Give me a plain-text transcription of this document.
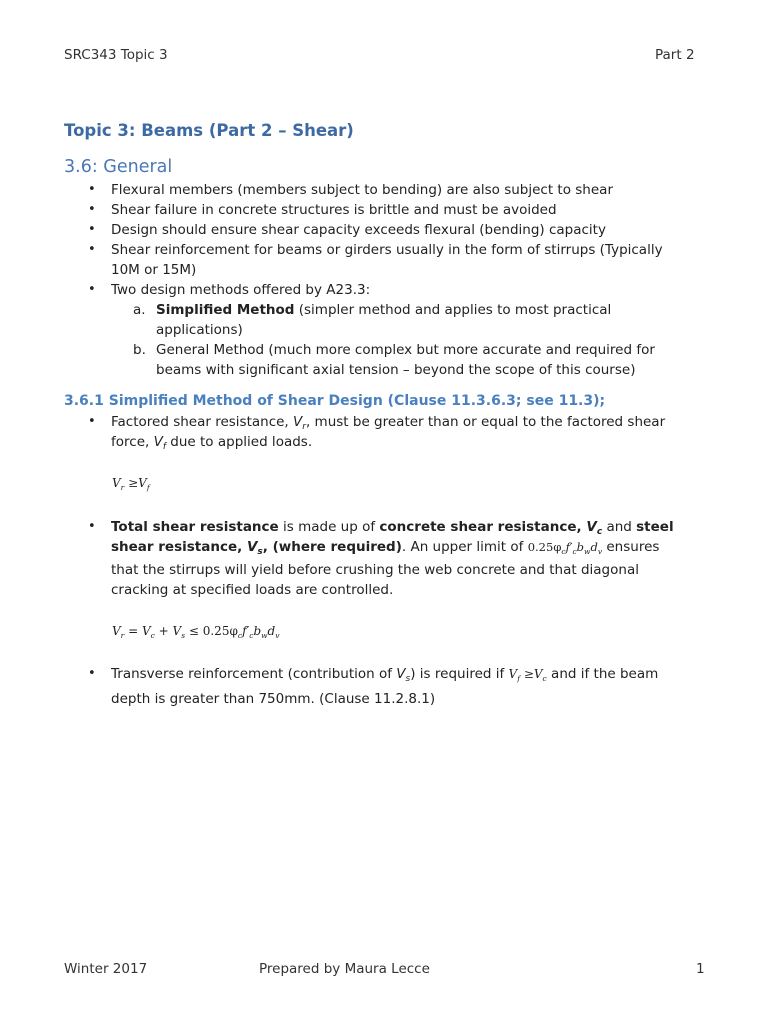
SRC343 Topic 3	Part 2
Topic 3: Beams (Part 2 – Shear)
3.6: General
• Flexural members (members subject to bending) are also subject to shear
• Shear failure in concrete structures is brittle and must be avoided
• Design should ensure shear capacity exceeds flexural (bending) capacity
• Shear reinforcement for beams or girders usually in the form of stirrups (Typically
10M or 15M)
• Two design methods offered by A23.3:
a. Simplified Method (simpler method and applies to most practical
applications)
b. General Method (much more complex but more accurate and required for
beams with significant axial tension – beyond the scope of this course)
3.6.1 Simplified Method of Shear Design (Clause 11.3.6.3; see 11.3);
• Factored shear resistance, $V_r$, must be greater than or equal to the factored shear
force, $V_f$ due to applied loads.
$V_r \ge V_f$
• Total shear resistance is made up of concrete shear resistance, $V_c$ and steel
shear resistance, $V_s$, (where required). An upper limit of $0.25\varphi_cf'_cb_wd_v$ ensures
that the stirrups will yield before crushing the web concrete and that diagonal
cracking at specified loads are controlled.
$V_r = V_c + V_s \le 0.25\varphi_cf'_cb_wd_v$
• Transverse reinforcement (contribution of $V_s$) is required if $V_f \ge V_c$ and if the beam
depth is greater than 750mm. (Clause 11.2.8.1)
Winter 2017	Prepared by Maura Lecce	1
